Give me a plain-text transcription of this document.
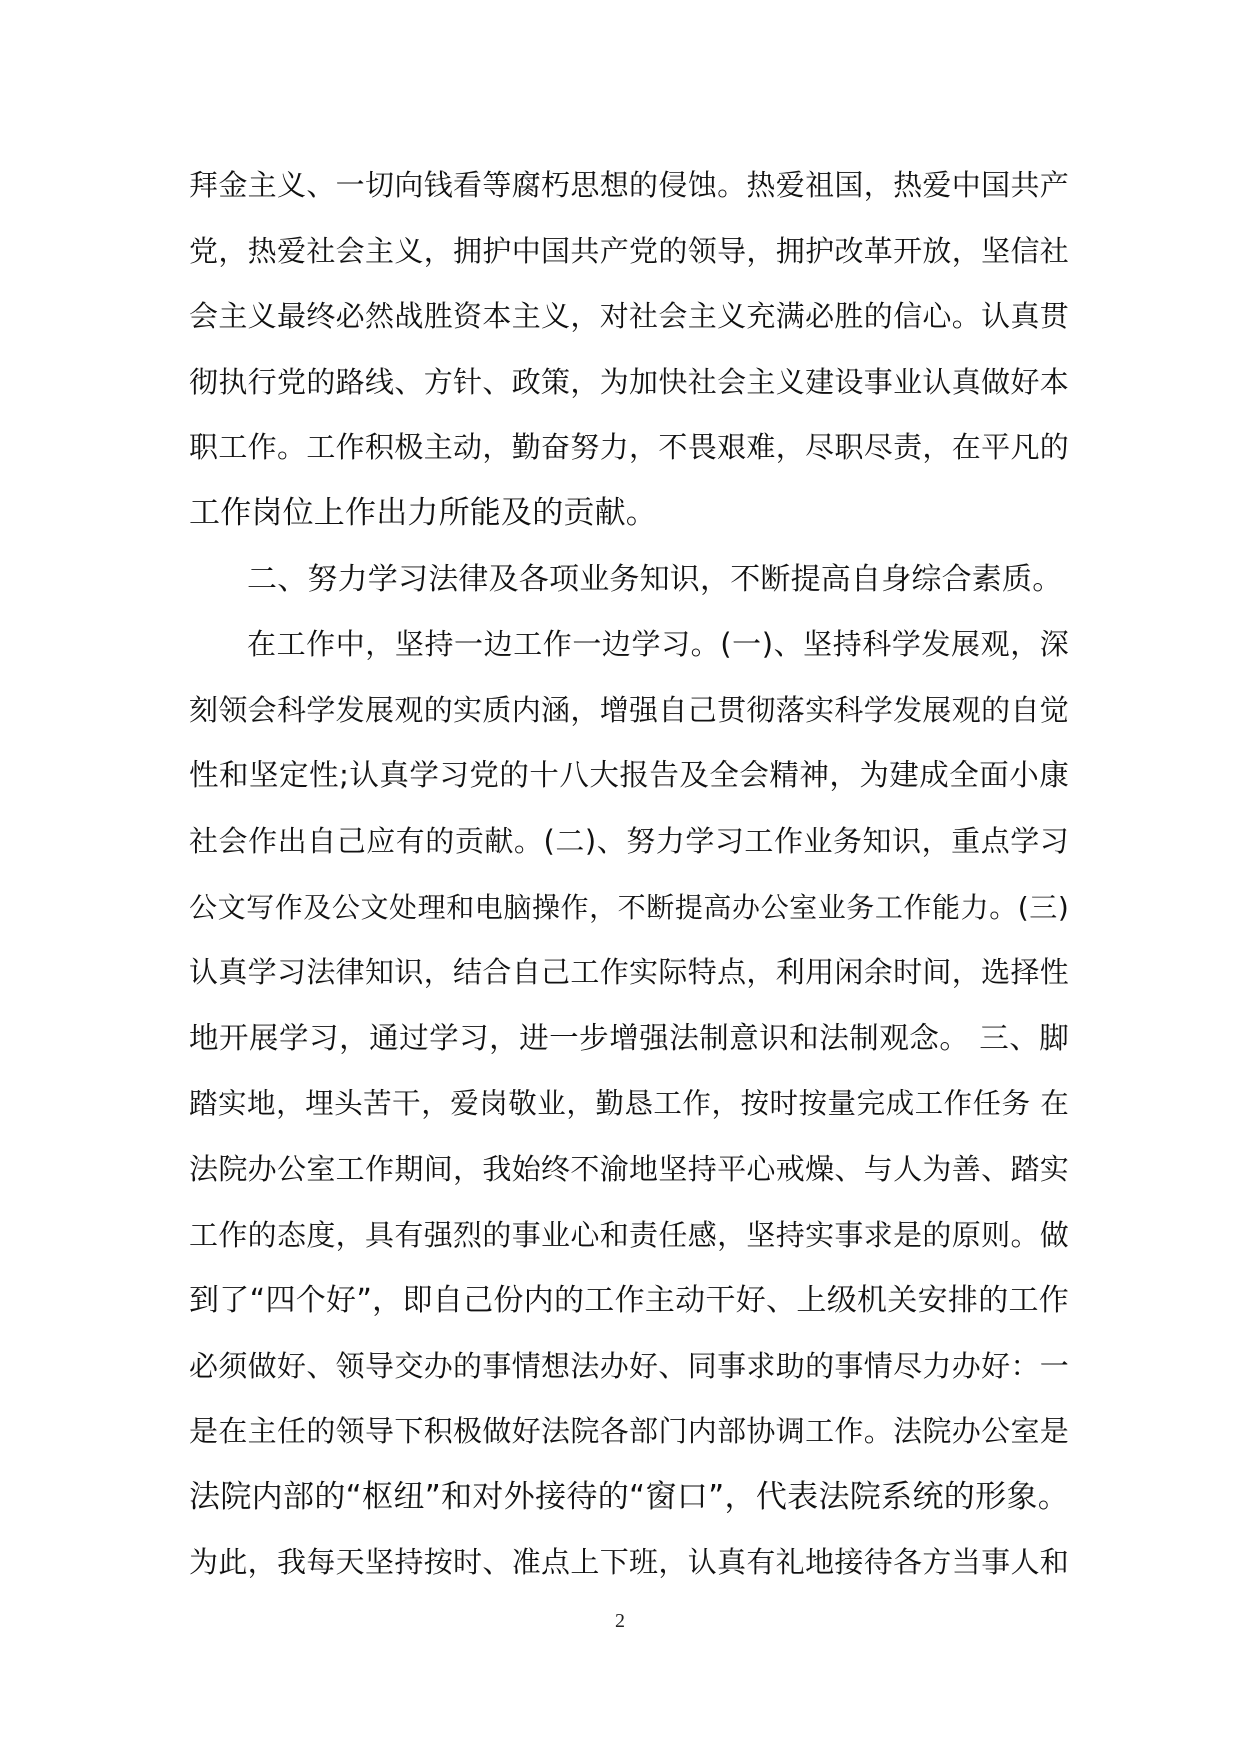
拜金主义、一切向钱看等腐朽思想的侵蚀。热爱祖国，热爱中国共产
党，热爱社会主义，拥护中国共产党的领导，拥护改革开放，坚信社
会主义最终必然战胜资本主义，对社会主义充满必胜的信心。认真贯
彻执行党的路线、方针、政策，为加快社会主义建设事业认真做好本
职工作。工作积极主动，勤奋努力，不畏艰难，尽职尽责，在平凡的
工作岗位上作出力所能及的贡献。
二、努力学习法律及各项业务知识，不断提高自身综合素质。
在工作中，坚持一边工作一边学习。(一)、坚持科学发展观，深
刻领会科学发展观的实质内涵，增强自己贯彻落实科学发展观的自觉
性和坚定性;认真学习党的十八大报告及全会精神，为建成全面小康
社会作出自己应有的贡献。(二)、努力学习工作业务知识，重点学习
公文写作及公文处理和电脑操作，不断提高办公室业务工作能力。(三)
认真学习法律知识，结合自己工作实际特点，利用闲余时间，选择性
地开展学习，通过学习，进一步增强法制意识和法制观念。 三、脚
踏实地，埋头苦干，爱岗敬业，勤恳工作，按时按量完成工作任务 在
法院办公室工作期间，我始终不渝地坚持平心戒燥、与人为善、踏实
工作的态度，具有强烈的事业心和责任感，坚持实事求是的原则。做
到了“四个好”，即自己份内的工作主动干好、上级机关安排的工作
必须做好、领导交办的事情想法办好、同事求助的事情尽力办好：一
是在主任的领导下积极做好法院各部门内部协调工作。法院办公室是
法院内部的“枢纽”和对外接待的“窗口”，代表法院系统的形象。
为此，我每天坚持按时、准点上下班，认真有礼地接待各方当事人和
2
